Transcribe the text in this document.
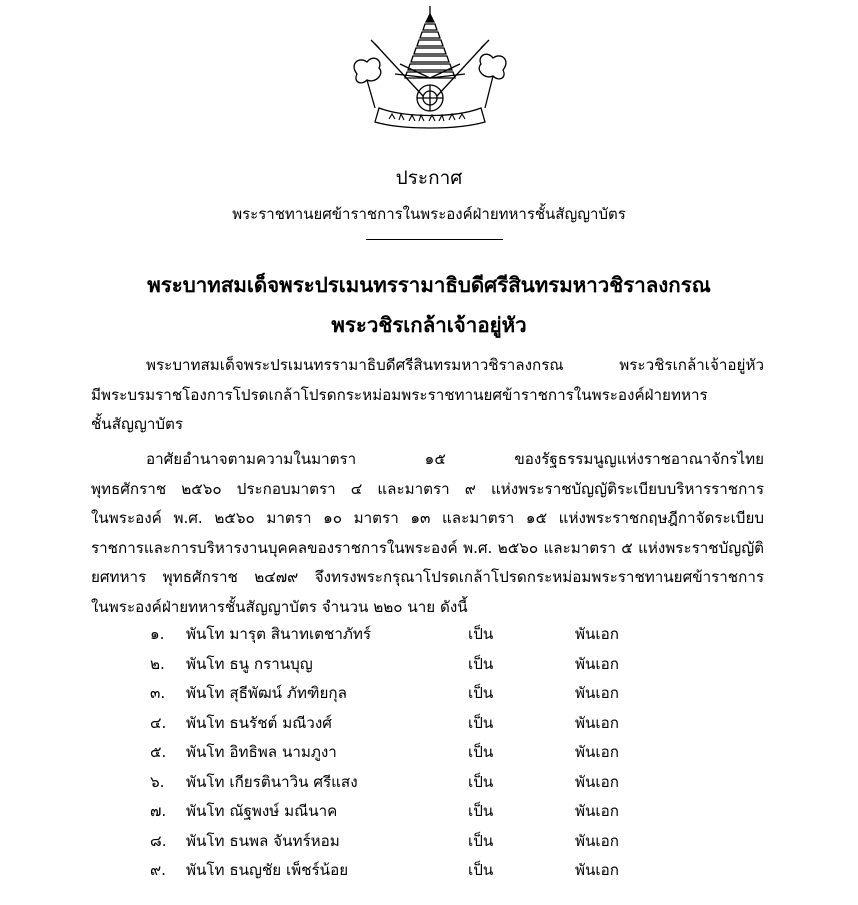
ประกาศ
พระราชทานยศข้าราชการในพระองค์ฝ่ายทหารชั้นสัญญาบัตร
พระบาทสมเด็จพระปรเมนทรรามาธิบดีศรีสินทรมหาวชิราลงกรณ
พระวชิรเกล้าเจ้าอยู่หัว
พระบาทสมเด็จพระปรเมนทรรามาธิบดีศรีสินทรมหาวชิราลงกรณ พระวชิรเกล้าเจ้าอยู่หัว
มีพระบรมราชโองการโปรดเกล้าโปรดกระหม่อมพระราชทานยศข้าราชการในพระองค์ฝ่ายทหาร
ชั้นสัญญาบัตร
อาศัยอำนาจตามความในมาตรา ๑๕ ของรัฐธรรมนูญแห่งราชอาณาจักรไทย
พุทธศักราช ๒๕๖๐ ประกอบมาตรา ๔ และมาตรา ๙ แห่งพระราชบัญญัติระเบียบบริหารราชการ
ในพระองค์ พ.ศ. ๒๕๖๐ มาตรา ๑๐ มาตรา ๑๓ และมาตรา ๑๕ แห่งพระราชกฤษฎีกาจัดระเบียบ
ราชการและการบริหารงานบุคคลของราชการในพระองค์ พ.ศ. ๒๕๖๐ และมาตรา ๕ แห่งพระราชบัญญัติ
ยศทหาร พุทธศักราช ๒๔๗๙ จึงทรงพระกรุณาโปรดเกล้าโปรดกระหม่อมพระราชทานยศข้าราชการ
ในพระองค์ฝ่ายทหารชั้นสัญญาบัตร จำนวน ๒๒๐ นาย ดังนี้
๑. พันโท มารุต สินาทเตชาภัทร์	เป็น	พันเอก
๒. พันโท ธนู กรานบุญ	เป็น	พันเอก
๓. พันโท สุธีพัฒน์ ภัทฑิยกุล	เป็น	พันเอก
๔. พันโท ธนรัชต์ มณีวงศ์	เป็น	พันเอก
๕. พันโท อิทธิพล นามภูงา	เป็น	พันเอก
๖. พันโท เกียรตินาวิน ศรีแสง	เป็น	พันเอก
๗. พันโท ณัฐพงษ์ มณีนาค	เป็น	พันเอก
๘. พันโท ธนพล จันทร์หอม	เป็น	พันเอก
๙. พันโท ธนญชัย เพ็ชร์น้อย	เป็น	พันเอก
